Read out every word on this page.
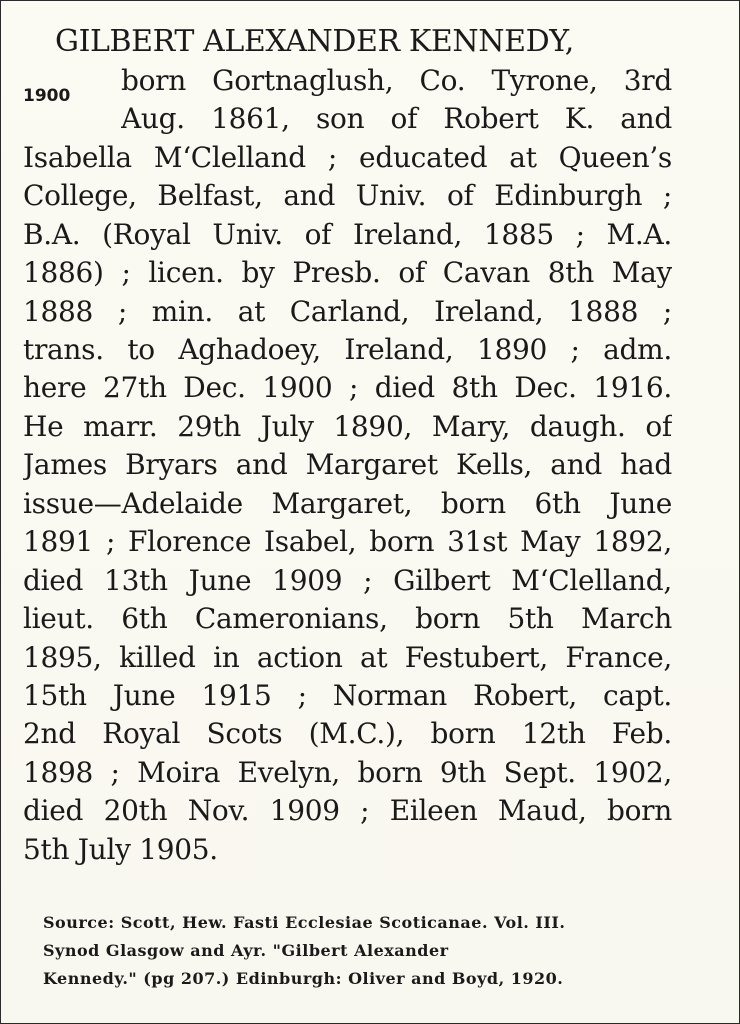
GILBERT ALEXANDER KENNEDY,
1900 born Gortnaglush, Co. Tyrone, 3rd
Aug. 1861, son of Robert K. and
Isabella M‘Clelland ; educated at Queen’s
College, Belfast, and Univ. of Edinburgh ;
B.A. (Royal Univ. of Ireland, 1885 ; M.A.
1886) ; licen. by Presb. of Cavan 8th May
1888 ; min. at Carland, Ireland, 1888 ;
trans. to Aghadoey, Ireland, 1890 ; adm.
here 27th Dec. 1900 ; died 8th Dec. 1916.
He marr. 29th July 1890, Mary, daugh. of
James Bryars and Margaret Kells, and had
issue—Adelaide Margaret, born 6th June
1891 ; Florence Isabel, born 31st May 1892,
died 13th June 1909 ; Gilbert M‘Clelland,
lieut. 6th Cameronians, born 5th March
1895, killed in action at Festubert, France,
15th June 1915 ; Norman Robert, capt.
2nd Royal Scots (M.C.), born 12th Feb.
1898 ; Moira Evelyn, born 9th Sept. 1902,
died 20th Nov. 1909 ; Eileen Maud, born
5th July 1905.
Source: Scott, Hew. Fasti Ecclesiae Scoticanae. Vol. III.
Synod Glasgow and Ayr. "Gilbert Alexander
Kennedy." (pg 207.) Edinburgh: Oliver and Boyd, 1920.
